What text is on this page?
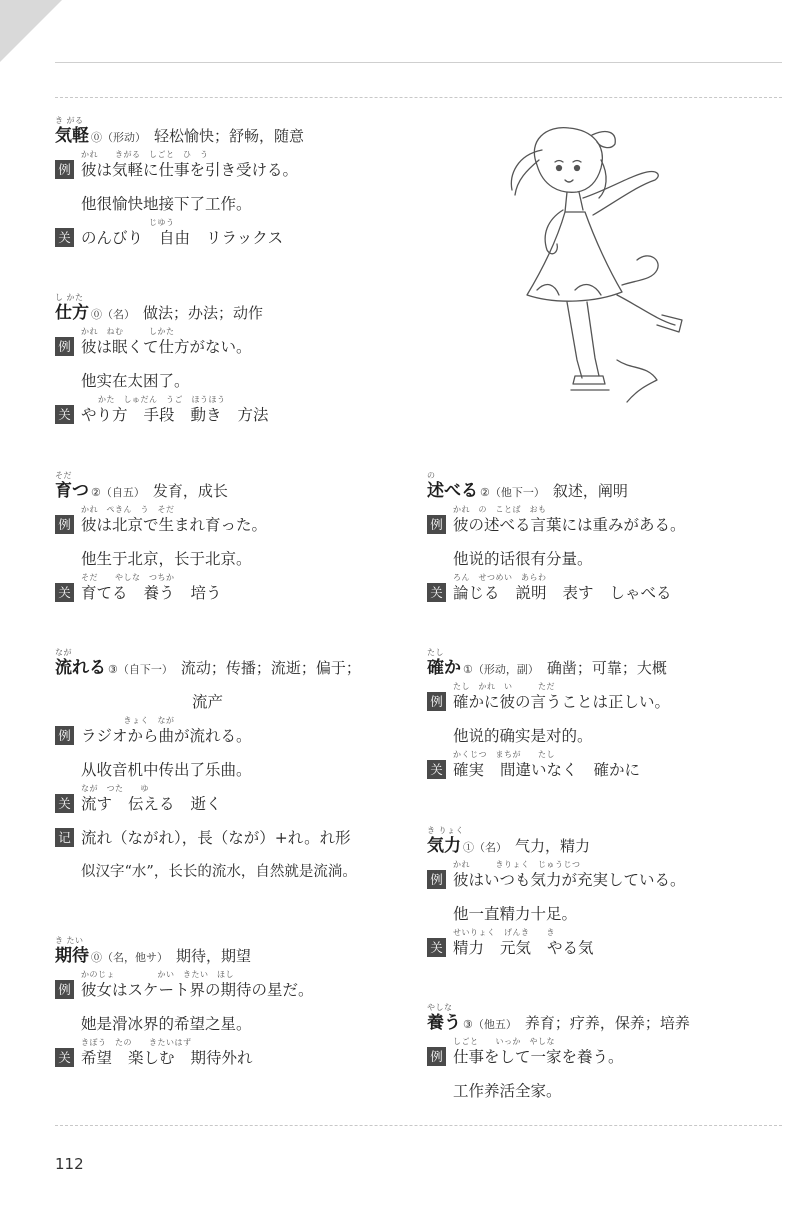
き がる
気軽 ⓪（形动） 轻松愉快；舒畅，随意
かれ　　きがる　しごと　ひ　う
例 彼は気軽に仕事を引き受ける。
他很愉快地接下了工作。
　　　　　　　　じゆう
关 のんびり 自由 リラックス
し かた
仕方 ⓪（名） 做法；办法；动作
かれ　ねむ　　　しかた
例 彼は眠くて仕方がない。
他实在太困了。
　　かた　しゅだん　うご　ほうほう
关 やり方 手段 動き 方法
そだ
育つ ②（自五） 发育，成长
かれ　ぺきん　う　そだ
例 彼は北京で生まれ育った。
他生于北京，长于北京。
そだ　　やしな　つちか
关 育てる 養う 培う
なが
流れる ③（自下一） 流动；传播；流逝；偏于；
流产
　　　　　きょく　なが
例 ラジオから曲が流れる。
从收音机中传出了乐曲。
なが　つた　　ゆ
关 流す 伝える 逝く
记 流れ（ながれ），長（なが）+れ。れ形
似汉字“水”，长长的流水，自然就是流淌。
き たい
期待 ⓪（名，他サ） 期待，期望
かのじょ　　　　　かい　きたい　ほし
例 彼女はスケート界の期待の星だ。
她是滑冰界的希望之星。
きぼう　たの　　きたいはず
关 希望 楽しむ 期待外れ
の
述べる ②（他下一） 叙述，阐明
かれ　の　ことば　おも
例 彼の述べる言葉には重みがある。
他说的话很有分量。
ろん　せつめい　あらわ
关 論じる 説明 表す しゃべる
たし
確か ①（形动，副） 确凿；可靠；大概
たし　かれ　い　　　ただ
例 確かに彼の言うことは正しい。
他说的确实是对的。
かくじつ　まちが　　たし
关 確実 間違いなく 確かに
き りょく
気力 ①（名） 气力，精力
かれ　　　きりょく　じゅうじつ
例 彼はいつも気力が充実している。
他一直精力十足。
せいりょく　げんき　　き
关 精力 元気 やる気
やしな
養う ③（他五） 养育；疗养，保养；培养
しごと　　いっか　やしな
例 仕事をして一家を養う。
工作养活全家。
112
